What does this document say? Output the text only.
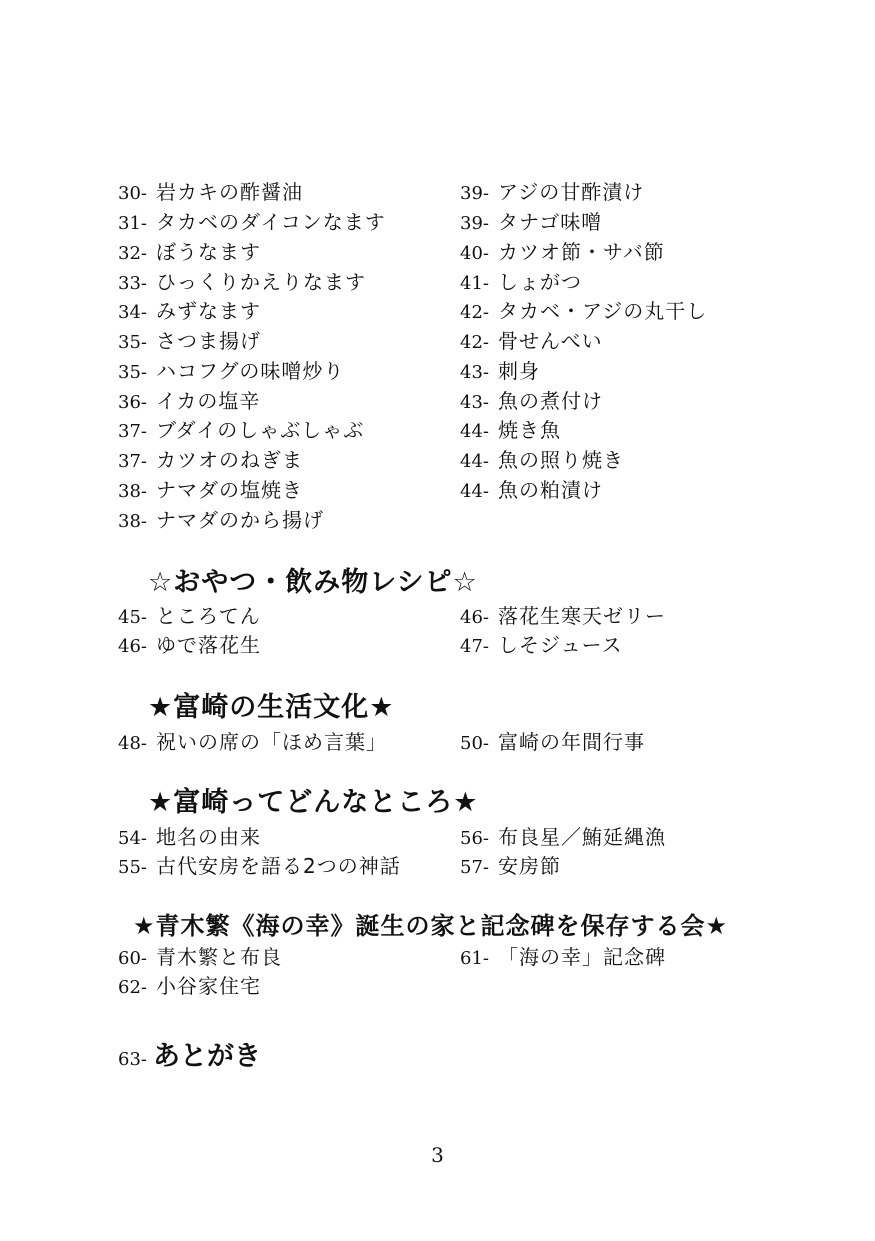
30- 岩カキの酢醤油
31- タカベのダイコンなます
32- ぼうなます
33- ひっくりかえりなます
34- みずなます
35- さつま揚げ
35- ハコフグの味噌炒り
36- イカの塩辛
37- ブダイのしゃぶしゃぶ
37- カツオのねぎま
38- ナマダの塩焼き
38- ナマダのから揚げ
39- アジの甘酢漬け
39- タナゴ味噌
40- カツオ節・サバ節
41- しょがつ
42- タカベ・アジの丸干し
42- 骨せんべい
43- 刺身
43- 魚の煮付け
44- 焼き魚
44- 魚の照り焼き
44- 魚の粕漬け
☆おやつ・飲み物レシピ☆
45- ところてん
46- ゆで落花生
46- 落花生寒天ゼリー
47- しそジュース
★富崎の生活文化★
48- 祝いの席の「ほめ言葉」	50- 富崎の年間行事
★富崎ってどんなところ★
54- 地名の由来
55- 古代安房を語る2つの神話
56- 布良星／鮪延縄漁
57- 安房節
★青木繁《海の幸》誕生の家と記念碑を保存する会★
60- 青木繁と布良
62- 小谷家住宅
61- 「海の幸」記念碑
63- あとがき
3
